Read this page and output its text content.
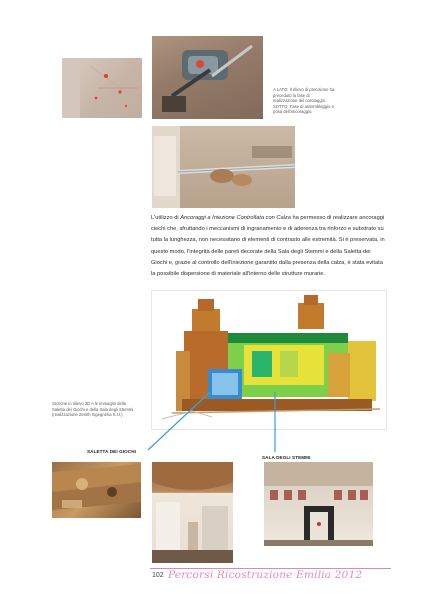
A LATO: Il rilievo di precisione ha preceduto la fase di realizzazione del carotaggio. SOTTO: Fase di assemblaggio e posa dell'ancoraggio.

L'utilizzo di Ancoraggi a Iniezione Controllata con Calza ha permesso di realizzare ancoraggi ciechi che, sfruttando i meccanismi di ingranamento e di aderenza tra rinforzo e substrato su tutta la lunghezza, non necessitano di elementi di contrasto alle estremità. Si è preservata, in questo modo, l'integrità delle pareti decorate della Sala degli Stemmi e della Saletta dei Giochi e, grazie al controllo dell'iniezione garantito dalla presenza della calza, è stata evitata la possibile dispersione di materiale all'interno delle strutture murarie.

Sezione in rilievo 3D e le immagini della Saletta dei Giochi e della Sala degli Stemmi (realizzazione Zenith Ingegneria S.r.l.)
SALETTA DEI GIOCHI
SALA DEGLI STEMMI
102 Percorsi Ricostruzione Emilia 2012
